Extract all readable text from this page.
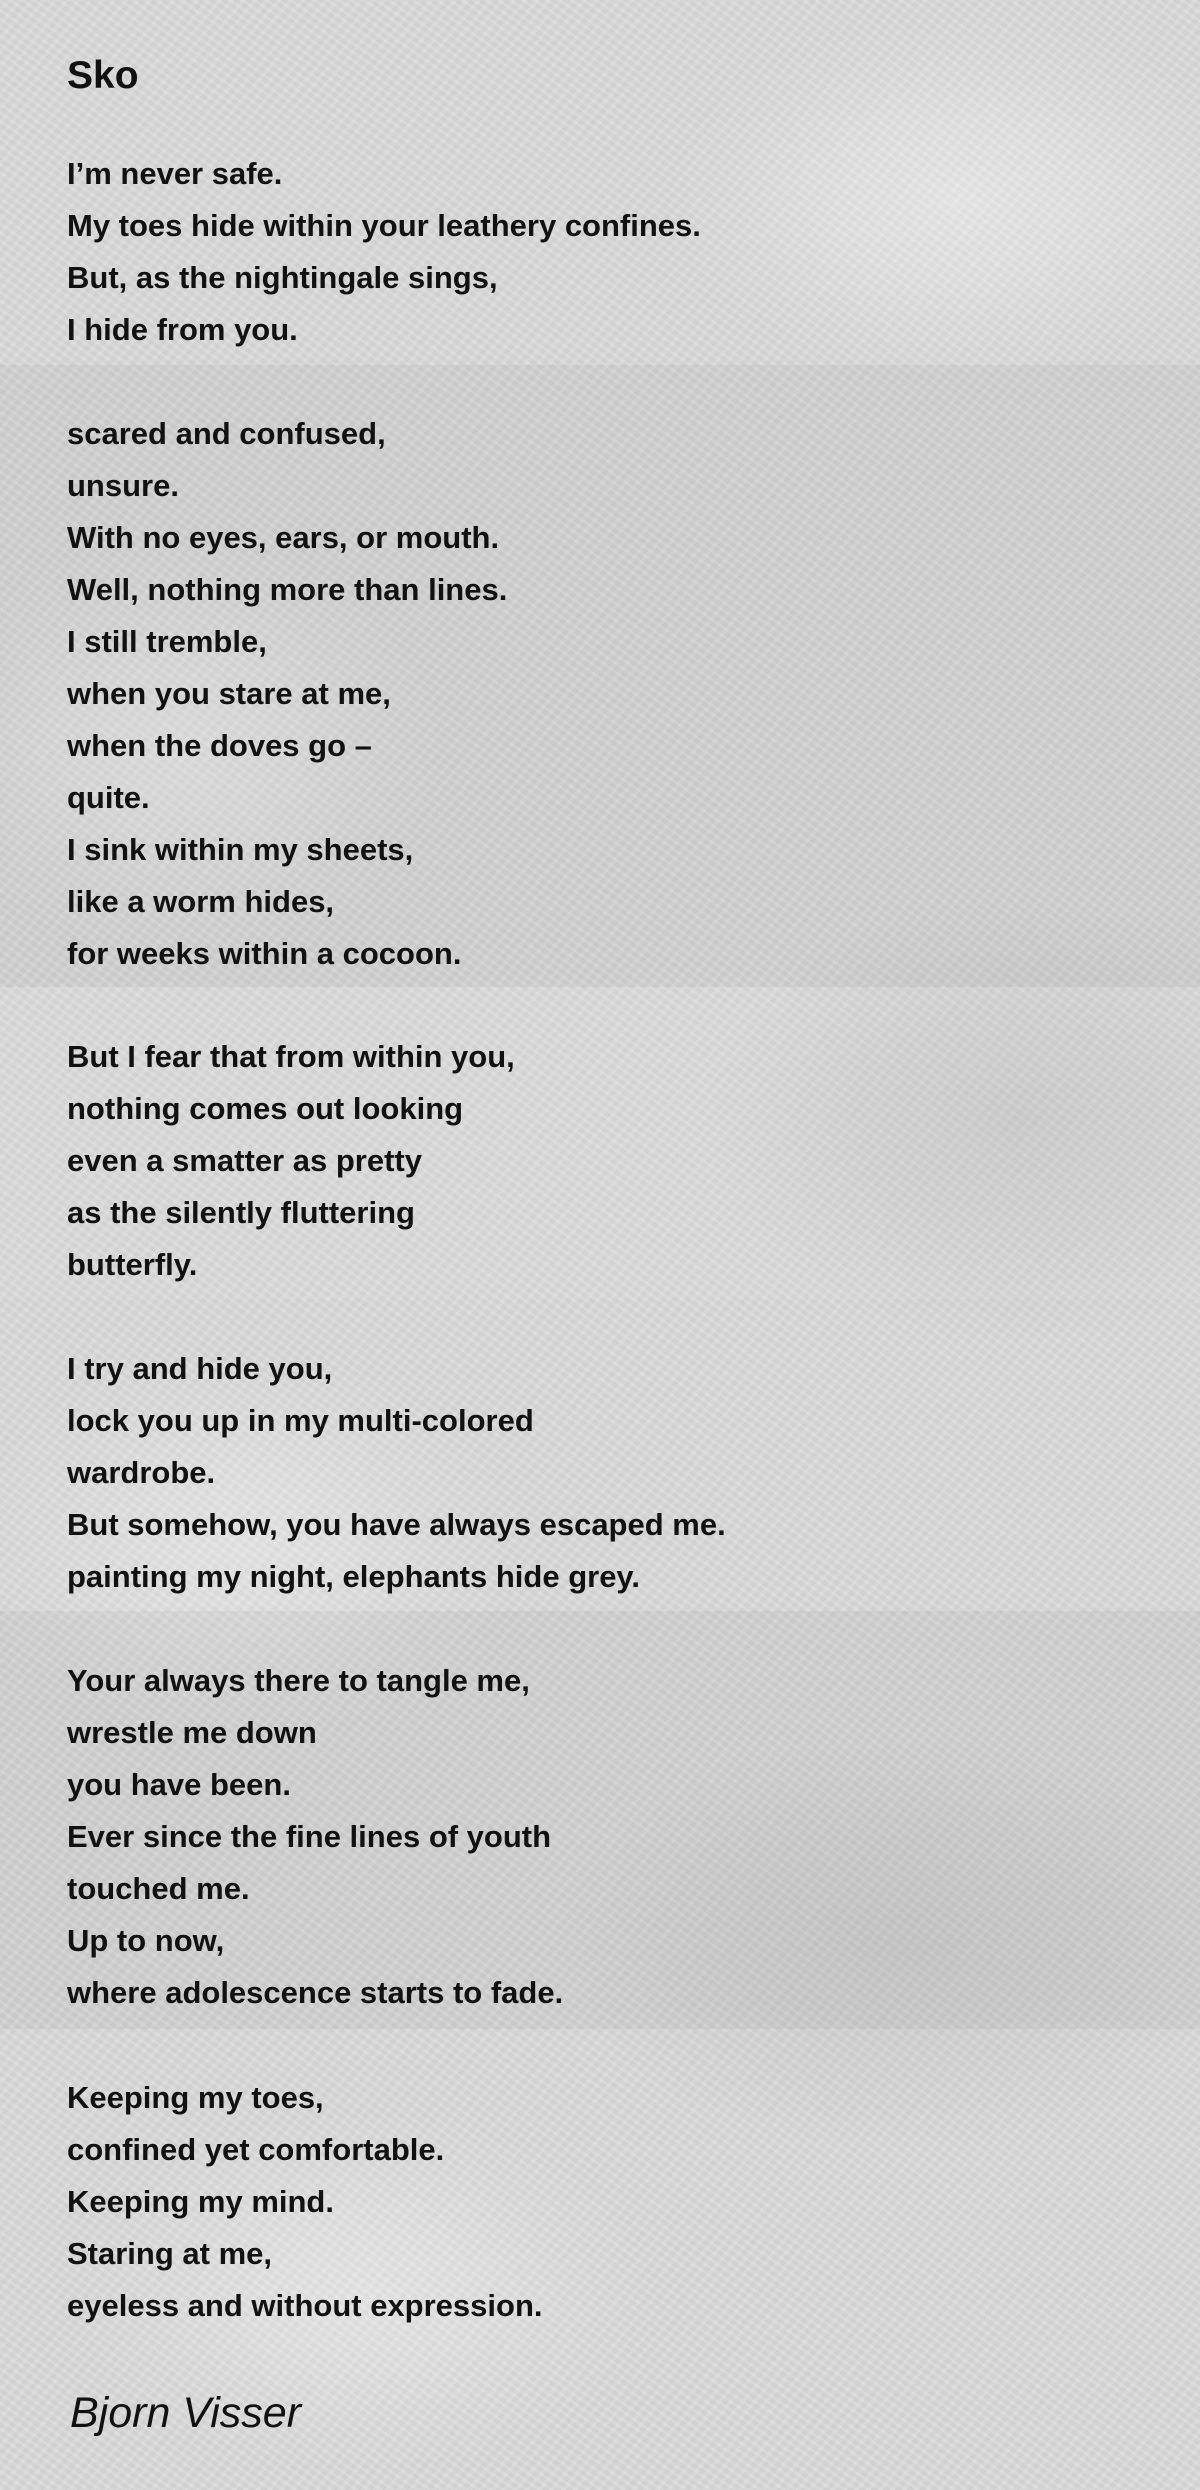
Sko
I’m never safe.
My toes hide within your leathery confines.
But, as the nightingale sings,
I hide from you.
scared and confused,
unsure.
With no eyes, ears, or mouth.
Well, nothing more than lines.
I still tremble,
when you stare at me,
when the doves go –
quite.
I sink within my sheets,
like a worm hides,
for weeks within a cocoon.
But I fear that from within you,
nothing comes out looking
even a smatter as pretty
as the silently fluttering
butterfly.
I try and hide you,
lock you up in my multi-colored
wardrobe.
But somehow, you have always escaped me.
painting my night, elephants hide grey.
Your always there to tangle me,
wrestle me down
you have been.
Ever since the fine lines of youth
touched me.
Up to now,
where adolescence starts to fade.
Keeping my toes,
confined yet comfortable.
Keeping my mind.
Staring at me,
eyeless and without expression.
Bjorn Visser
